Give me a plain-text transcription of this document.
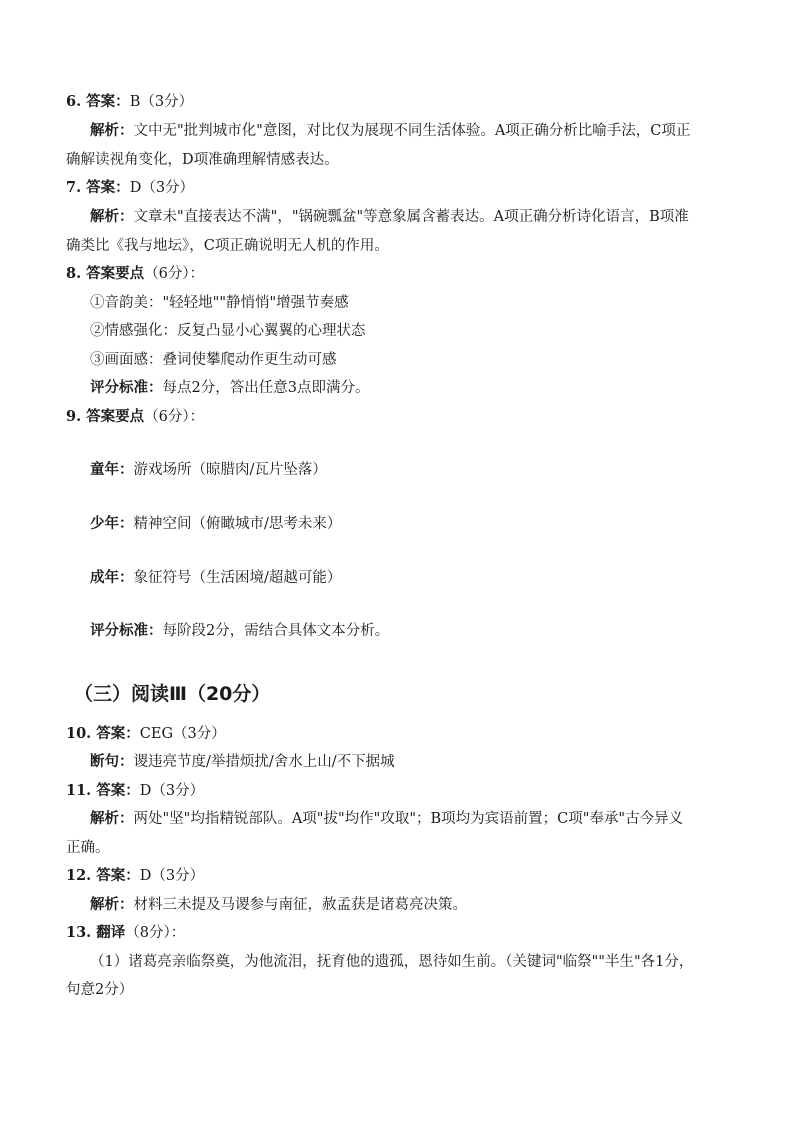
6. 答案：B（3分）
解析：文中无"批判城市化"意图，对比仅为展现不同生活体验。A项正确分析比喻手法，C项正
确解读视角变化，D项准确理解情感表达。
7. 答案：D（3分）
解析：文章未"直接表达不满"，"锅碗瓢盆"等意象属含蓄表达。A项正确分析诗化语言，B项准
确类比《我与地坛》，C项正确说明无人机的作用。
8. 答案要点（6分）：
①音韵美："轻轻地""静悄悄"增强节奏感
②情感强化：反复凸显小心翼翼的心理状态
③画面感：叠词使攀爬动作更生动可感
评分标准：每点2分，答出任意3点即满分。
9. 答案要点（6分）：
童年：游戏场所（晾腊肉/瓦片坠落）
少年：精神空间（俯瞰城市/思考未来）
成年：象征符号（生活困境/超越可能）
评分标准：每阶段2分，需结合具体文本分析。
（三）阅读Ⅲ（20分）
10. 答案：CEG（3分）
断句：谡违亮节度/举措烦扰/舍水上山/不下据城
11. 答案：D（3分）
解析：两处"坚"均指精锐部队。A项"拔"均作"攻取"；B项均为宾语前置；C项"奉承"古今异义
正确。
12. 答案：D（3分）
解析：材料三未提及马谡参与南征，赦孟获是诸葛亮决策。
13. 翻译（8分）：
（1）诸葛亮亲临祭奠，为他流泪，抚育他的遗孤，恩待如生前。（关键词"临祭""半生"各1分，
句意2分）
